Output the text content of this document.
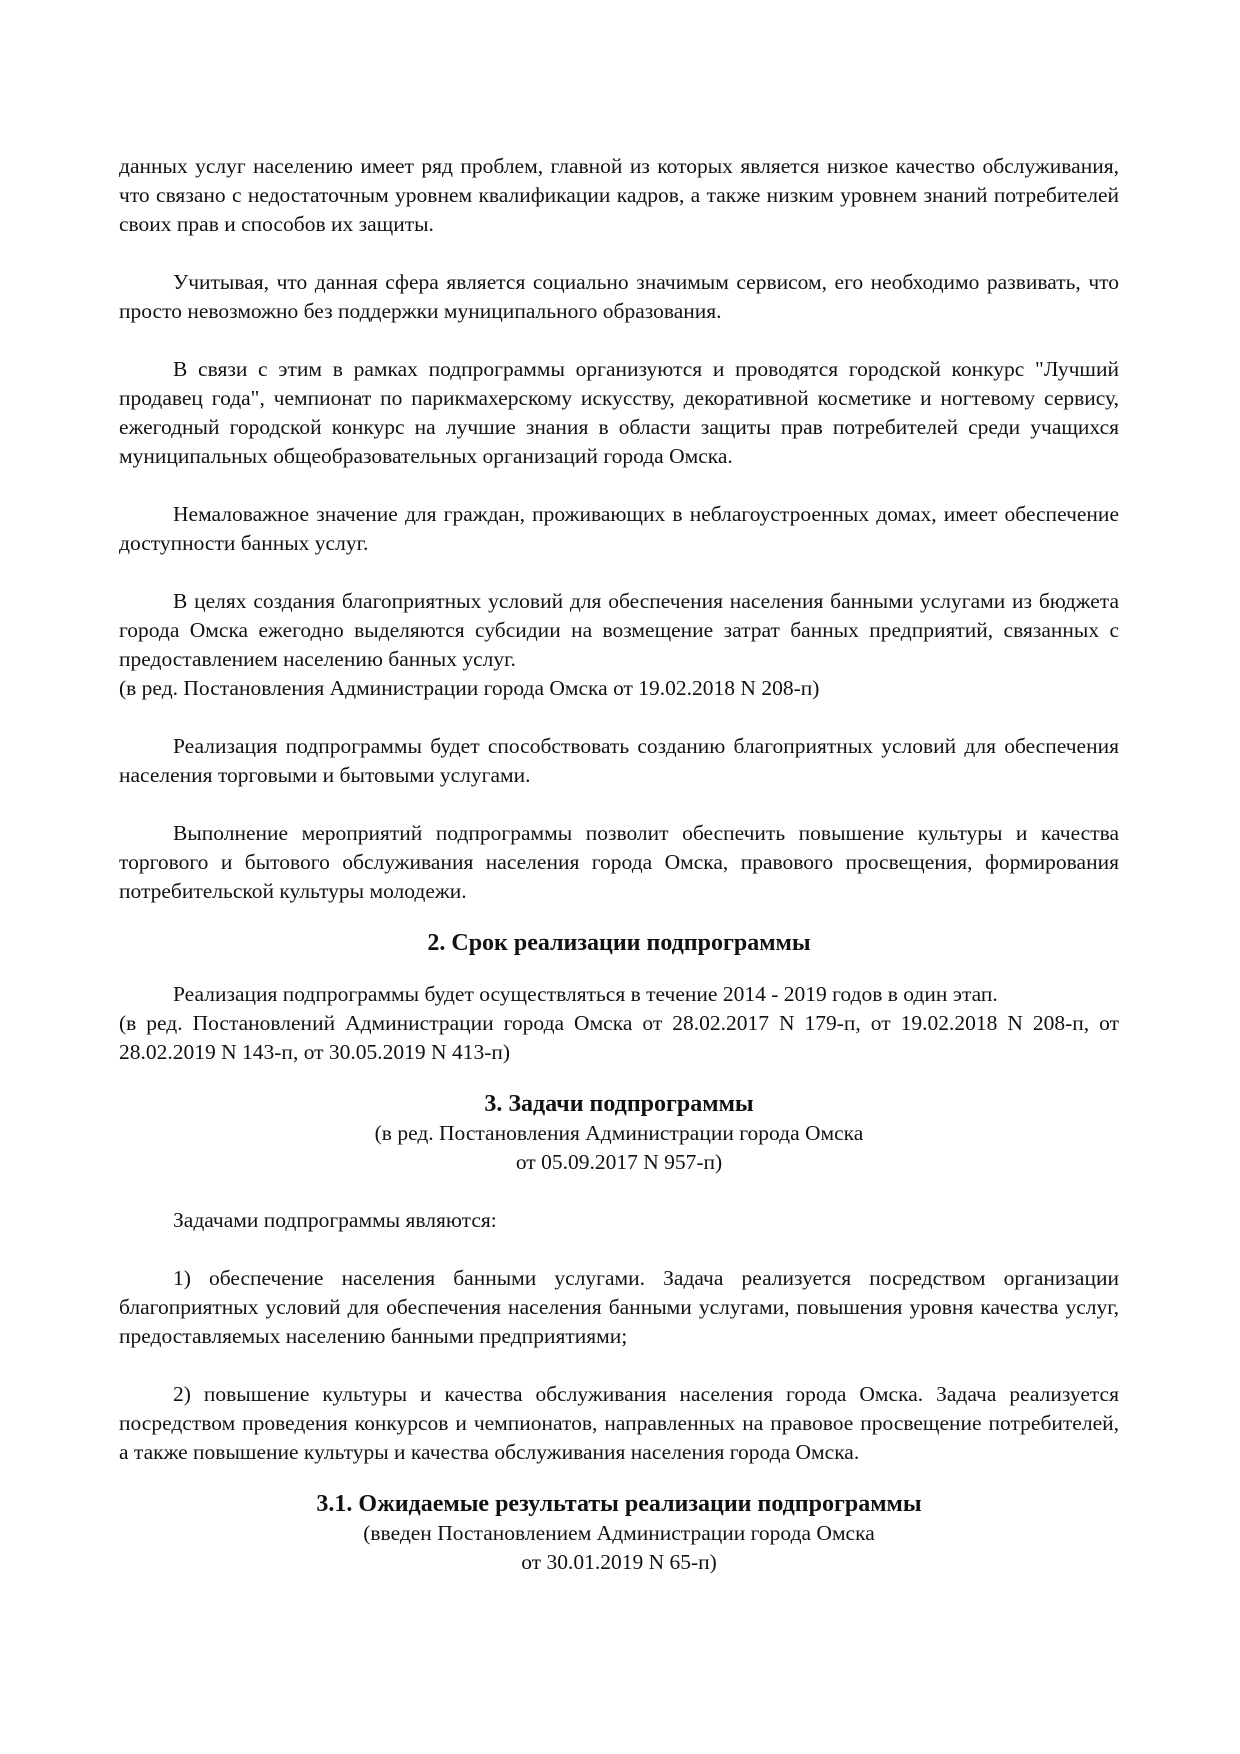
данных услуг населению имеет ряд проблем, главной из которых является низкое качество обслуживания, что связано с недостаточным уровнем квалификации кадров, а также низким уровнем знаний потребителей своих прав и способов их защиты.

Учитывая, что данная сфера является социально значимым сервисом, его необходимо развивать, что просто невозможно без поддержки муниципального образования.

В связи с этим в рамках подпрограммы организуются и проводятся городской конкурс "Лучший продавец года", чемпионат по парикмахерскому искусству, декоративной косметике и ногтевому сервису, ежегодный городской конкурс на лучшие знания в области защиты прав потребителей среди учащихся муниципальных общеобразовательных организаций города Омска.

Немаловажное значение для граждан, проживающих в неблагоустроенных домах, имеет обеспечение доступности банных услуг.

В целях создания благоприятных условий для обеспечения населения банными услугами из бюджета города Омска ежегодно выделяются субсидии на возмещение затрат банных предприятий, связанных с предоставлением населению банных услуг.
(в ред. Постановления Администрации города Омска от 19.02.2018 N 208-п)

Реализация подпрограммы будет способствовать созданию благоприятных условий для обеспечения населения торговыми и бытовыми услугами.

Выполнение мероприятий подпрограммы позволит обеспечить повышение культуры и качества торгового и бытового обслуживания населения города Омска, правового просвещения, формирования потребительской культуры молодежи.

2. Срок реализации подпрограммы
Реализация подпрограммы будет осуществляться в течение 2014 - 2019 годов в один этап.
(в ред. Постановлений Администрации города Омска от 28.02.2017 N 179-п, от 19.02.2018 N 208-п, от 28.02.2019 N 143-п, от 30.05.2019 N 413-п)
3. Задачи подпрограммы

(в ред. Постановления Администрации города Омска

от 05.09.2017 N 957-п)

Задачами подпрограммы являются:

1) обеспечение населения банными услугами. Задача реализуется посредством организации благоприятных условий для обеспечения населения банными услугами, повышения уровня качества услуг, предоставляемых населению банными предприятиями;

2) повышение культуры и качества обслуживания населения города Омска. Задача реализуется посредством проведения конкурсов и чемпионатов, направленных на правовое просвещение потребителей, а также повышение культуры и качества обслуживания населения города Омска.

3.1. Ожидаемые результаты реализации подпрограммы

(введен Постановлением Администрации города Омска

от 30.01.2019 N 65-п)
